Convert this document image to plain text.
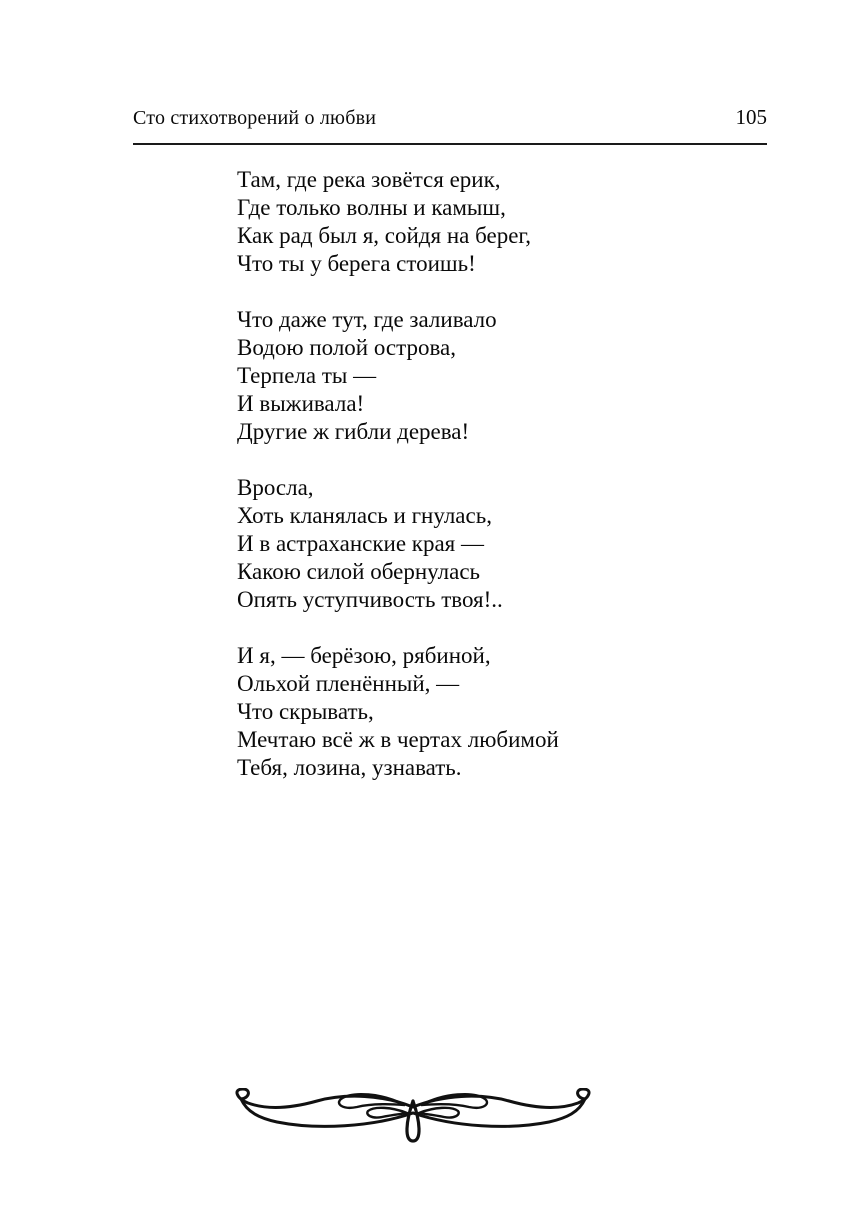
Сто стихотворений о любви	105
Там, где река зовётся ерик,
Где только волны и камыш,
Как рад был я, сойдя на берег,
Что ты у берега стоишь!
Что даже тут, где заливало
Водою полой острова,
Терпела ты —
И выживала!
Другие ж гибли дерева!
Вросла,
Хоть кланялась и гнулась,
И в астраханские края —
Какою силой обернулась
Опять уступчивость твоя!..
И я, — берёзою, рябиной,
Ольхой пленённый, —
Что скрывать,
Мечтаю всё ж в чертах любимой
Тебя, лозина, узнавать.
